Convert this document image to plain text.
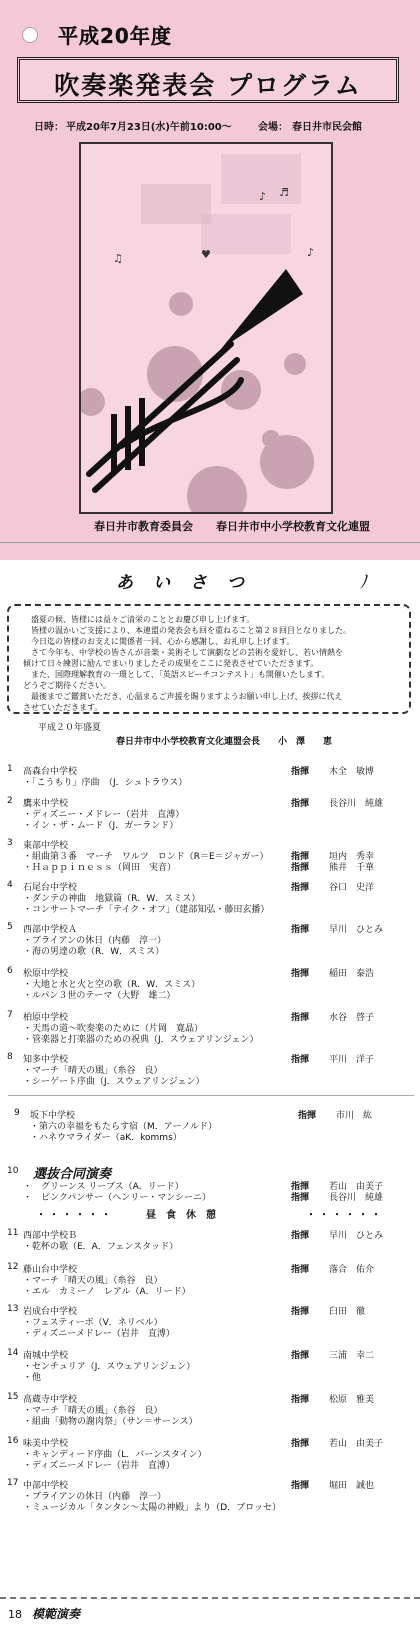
平成20年度
吹奏楽発表会 プログラム
日時： 平成20年7月23日(水)午前10:00～	会場： 春日井市民会館
♪
♫	♪
♥
♬
春日井市教育委員会 春日井市中小学校教育文化連盟
あいさつ	ﾉ
盛夏の候、皆様には益々ご清栄のこととお慶び申し上げます。
皆様の温かいご支援により、本連盟の発表会も回を重ねること第２８回目となりました。
今日迄の皆様のお支えに関係者一同、心から感謝し、お礼申し上げます。
さて今年も、中学校の皆さんが音楽・美術そして演劇などの芸術を愛好し、若い情熱を
傾けて日々練習に励んでまいりましたその成果をここに発表させていただきます。
また、国際理解教育の一環として、「英語スピーチコンテスト」も開催いたします。
どうぞご期待ください。
最後までご鑑賞いただき、心温まるご声援を賜りますようお願い申し上げ、挨拶に代え
させていただきます。
平成２０年盛夏
春日井市中小学校教育文化連盟会長　　小　澤　　恵
1 高森台中学校
・「こうもり」序曲　（J．シュトラウス）
指揮 木全　敏博
2 鷹来中学校
・ディズニー・メドレー（岩井　直溥）
・イン・ザ・ムード（J．ガーランド）
指揮 長谷川　純雄
3 東部中学校
・組曲第３番　マーチ　ワルツ　ロンド（R＝E＝ジャガー）
・Ｈａｐｐｉｎｅｓｓ（岡田　実音）
指揮 垣内　秀幸
指揮 熊井　千華
4 石尾台中学校
・ダンテの神曲　地獄篇（R．W．スミス）
・コンサートマーチ「テイク・オフ」（建部知弘・藤田玄播）
指揮 谷口　史洋
5 西部中学校Ａ
・ブライアンの休日（内藤　淳一）
・海の男達の歌（R．W．スミス）
指揮 早川　ひとみ
6 松原中学校
・大地と水と火と空の歌（R．W．スミス）
・ルパン３世のテーマ（大野　雄二）
指揮 稲田　泰浩
7 柏原中学校
・天馬の道～吹奏楽のために（片岡　寛晶）
・管楽器と打楽器のための祝典（J．スウェアリンジェン）
指揮 水谷　啓子
8 知多中学校
・マーチ「晴天の風」（糸谷　良）
・シーゲート序曲（J．スウェアリンジェン）
指揮 平川　洋子
9 坂下中学校
・第六の幸福をもたらす宿（M．アーノルド）
・ハネウマライダー（aK．komms）
指揮 市川　紘
10 選抜合同演奏
・　グリーンス リーブス（A．リード）
・　ピンクパンサー（ヘンリー・マンシーニ）
指揮 若山　由美子
指揮 長谷川　純雄
・・・・・・	昼　食　休　憩	・・・・・・
11 西部中学校Ｂ
・乾杯の歌（E．A．フェンスタッド）
指揮 早川　ひとみ
12 藤山台中学校
・マーチ「晴天の風」（糸谷　良）
・エル　カミーノ　レアル（A．リード）
指揮 落合　佑介
13 岩成台中学校
・フェスティーボ（V．ネリベル）
・ディズニーメドレー（岩井　直溥）
指揮 臼田　徹
14 南城中学校
・センチュリア（J．スウェアリンジェン）
・他
指揮 三浦　幸二
15 高蔵寺中学校
・マーチ「晴天の風」（糸谷　良）
・組曲「動物の謝肉祭」（サン＝サーンス）
指揮 松原　雅美
16 味美中学校
・キャンディード序曲（L．バーンスタイン）
・ディズニーメドレー（岩井　直溥）
指揮 若山　由美子
17 中部中学校
・ブライアンの休日（内藤　淳一）
・ミュージカル「タンタン～太陽の神殿」より（D．ブロッセ）
指揮 堀田　誠也
18 模範演奏
